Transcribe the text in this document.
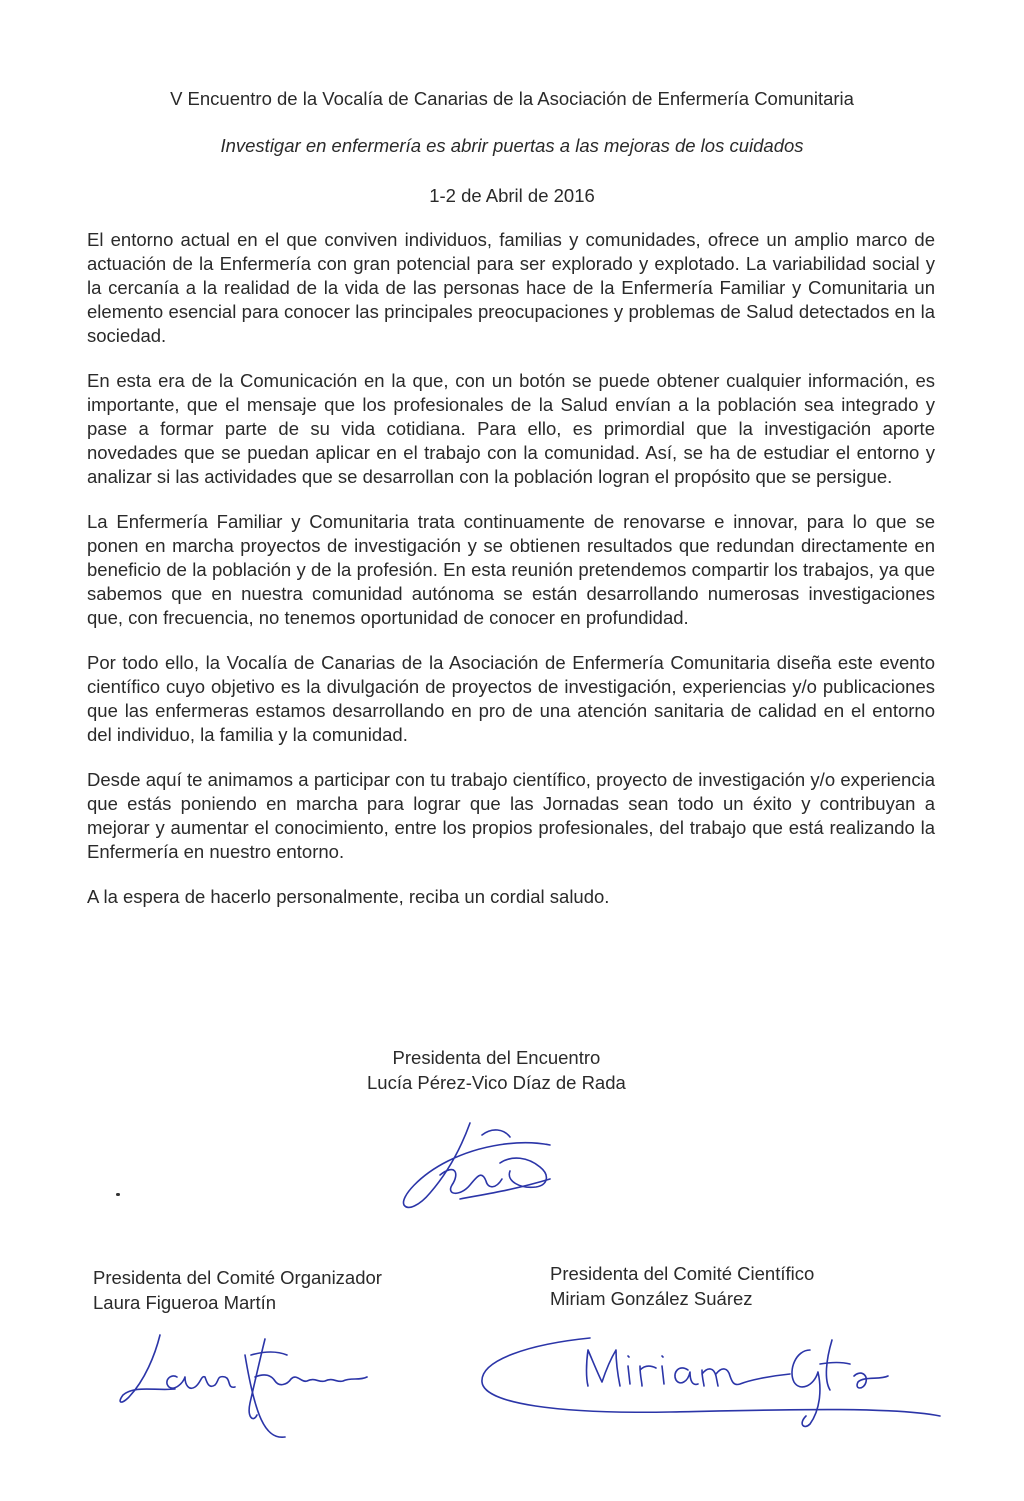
V Encuentro de la Vocalía de Canarias de la Asociación de Enfermería Comunitaria

Investigar en enfermería es abrir puertas a las mejoras de los cuidados

1-2 de Abril de 2016

El entorno actual en el que conviven individuos, familias y comunidades, ofrece un amplio marco de actuación de la Enfermería con gran potencial para ser explorado y explotado. La variabilidad social y la cercanía a la realidad de la vida de las personas hace de la Enfermería Familiar y Comunitaria un elemento esencial para conocer las principales preocupaciones y problemas de Salud detectados en la sociedad.

En esta era de la Comunicación en la que, con un botón se puede obtener cualquier información, es importante, que el mensaje que los profesionales de la Salud envían a la población sea integrado y pase a formar parte de su vida cotidiana. Para ello, es primordial que la investigación aporte novedades que se puedan aplicar en el trabajo con la comunidad. Así, se ha de estudiar el entorno y analizar si las actividades que se desarrollan con la población logran el propósito que se persigue.

La Enfermería Familiar y Comunitaria trata continuamente de renovarse e innovar, para lo que se ponen en marcha proyectos de investigación y se obtienen resultados que redundan directamente en beneficio de la población y de la profesión. En esta reunión pretendemos compartir los trabajos, ya que sabemos que en nuestra comunidad autónoma se están desarrollando numerosas investigaciones que, con frecuencia, no tenemos oportunidad de conocer en profundidad.

Por todo ello, la Vocalía de Canarias de la Asociación de Enfermería Comunitaria diseña este evento científico cuyo objetivo es la divulgación de proyectos de investigación, experiencias y/o publicaciones que las enfermeras estamos desarrollando en pro de una atención sanitaria de calidad en el entorno del individuo, la familia y la comunidad.

Desde aquí te animamos a participar con tu trabajo científico, proyecto de investigación y/o experiencia que estás poniendo en marcha para lograr que las Jornadas sean todo un éxito y contribuyan a mejorar y aumentar el conocimiento, entre los propios profesionales, del trabajo que está realizando la Enfermería en nuestro entorno.

A la espera de hacerlo personalmente, reciba un cordial saludo.

Presidenta del Encuentro
Lucía Pérez-Vico Díaz de Rada
Presidenta del Comité Organizador
Laura Figueroa Martín
Presidenta del Comité Científico
Miriam González Suárez
